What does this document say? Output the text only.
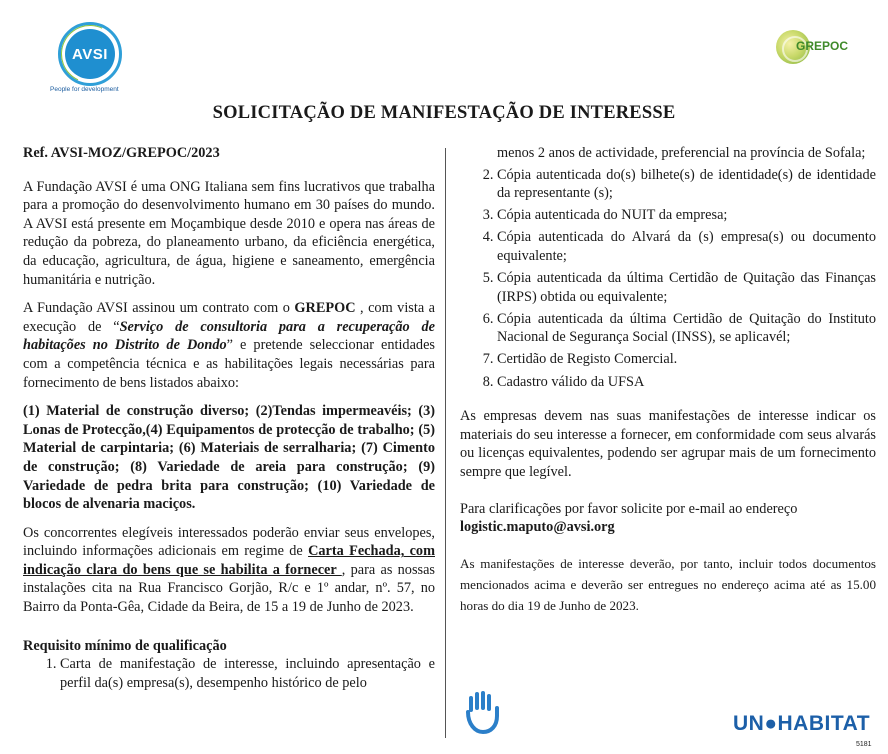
AVSI
People for development
GREPOC
SOLICITAÇÃO DE MANIFESTAÇÃO DE INTERESSE

Ref. AVSI-MOZ/GREPOC/2023

A Fundação AVSI é uma ONG Italiana sem fins lucrativos que trabalha para a promoção do desenvolvimento humano em 30 países do mundo. A AVSI está presente em Moçambique desde 2010 e opera nas áreas de redução da pobreza, do planeamento urbano, da eficiência energética, da educação, agricultura, de água, higiene e saneamento, emergência humanitária e nutrição.

A Fundação AVSI assinou um contrato com o GREPOC , com vista a execução de “Serviço de consultoria para a recuperação de habitações no Distrito de Dondo” e pretende seleccionar entidades com a competência técnica e as habilitações legais necessárias para fornecimento de bens listados abaixo:

(1) Material de construção diverso; (2)Tendas impermeavéis; (3) Lonas de Protecção,(4) Equipamentos de protecção de trabalho; (5) Material de carpintaria; (6) Materiais de serralharia; (7) Cimento de construção; (8) Variedade de areia para construção; (9) Variedade de pedra brita para construção; (10) Variedade de blocos de alvenaria maciços.

Os concorrentes elegíveis interessados poderão enviar seus envelopes, incluindo informações adicionais em regime de Carta Fechada, com indicação clara do bens que se habilita a fornecer , para as nossas instalações cita na Rua Francisco Gorjão, R/c e 1º andar, nº. 57, no Bairro da Ponta-Gêa, Cidade da Beira, de 15 a 19 de Junho de 2023.

Requisito mínimo de qualificação

1. Carta de manifestação de interesse, incluindo apresentação e perfil da(s) empresa(s), desempenho histórico de pelo

menos 2 anos de actividade, preferencial na província de Sofala;

2. Cópia autenticada do(s) bilhete(s) de identidade(s) de identidade da representante (s);
3. Cópia autenticada do NUIT da empresa;
4. Cópia autenticada do Alvará da (s) empresa(s) ou documento equivalente;
5. Cópia autenticada da última Certidão de Quitação das Finanças (IRPS) obtida ou equivalente;
6. Cópia autenticada da última Certidão de Quitação do Instituto Nacional de Segurança Social (INSS), se aplicavél;
7. Certidão de Registo Comercial.
8. Cadastro válido da UFSA

As empresas devem nas suas manifestações de interesse indicar os materiais do seu interesse a fornecer, em conformidade com seus alvarás ou licenças equivalentes, podendo ser agrupar mais de um fornecimento sempre que legível.

Para clarificações por favor solicite por e-mail ao endereço

logistic.maputo@avsi.org

As manifestações de interesse deverão, por tanto, incluir todos documentos mencionados acima e deverão ser entregues no endereço acima até as 15.00 horas do dia 19 de Junho de 2023.

UN●HABITAT
5181
